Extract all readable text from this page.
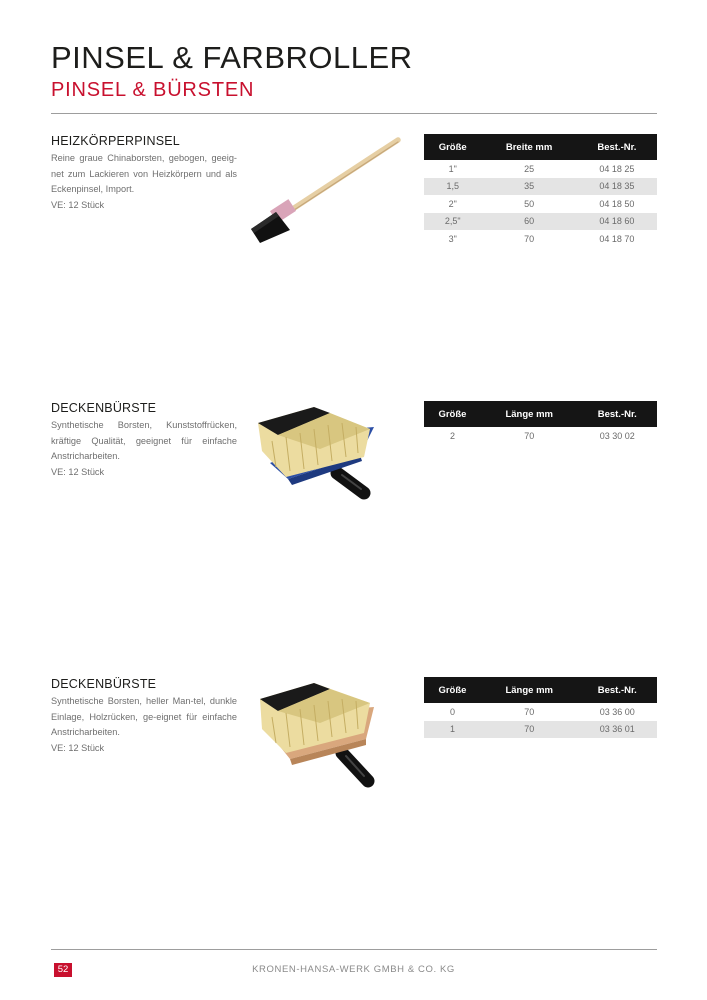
PINSEL & FARBROLLER
PINSEL & BÜRSTEN
HEIZKÖRPERPINSEL

Reine graue Chinaborsten, gebogen, geeig-net zum Lackieren von Heizkörpern und als Eckenpinsel, Import.

VE: 12 Stück

Größe	Breite mm	Best.-Nr.
1"	25	04 18 25
1,5	35	04 18 35
2"	50	04 18 50
2,5"	60	04 18 60
3"	70	04 18 70
DECKENBÜRSTE

Synthetische Borsten, Kunststoffrücken, kräftige Qualität, geeignet für einfache Anstricharbeiten.

VE: 12 Stück

Größe	Länge mm	Best.-Nr.
2	70	03 30 02
DECKENBÜRSTE

Synthetische Borsten, heller Man-tel, dunkle Einlage, Holzrücken, ge-eignet für einfache Anstricharbeiten.

VE: 12 Stück

Größe	Länge mm	Best.-Nr.
0	70	03 36 00
1	70	03 36 01
52	KRONEN-HANSA-WERK GMBH & CO. KG
